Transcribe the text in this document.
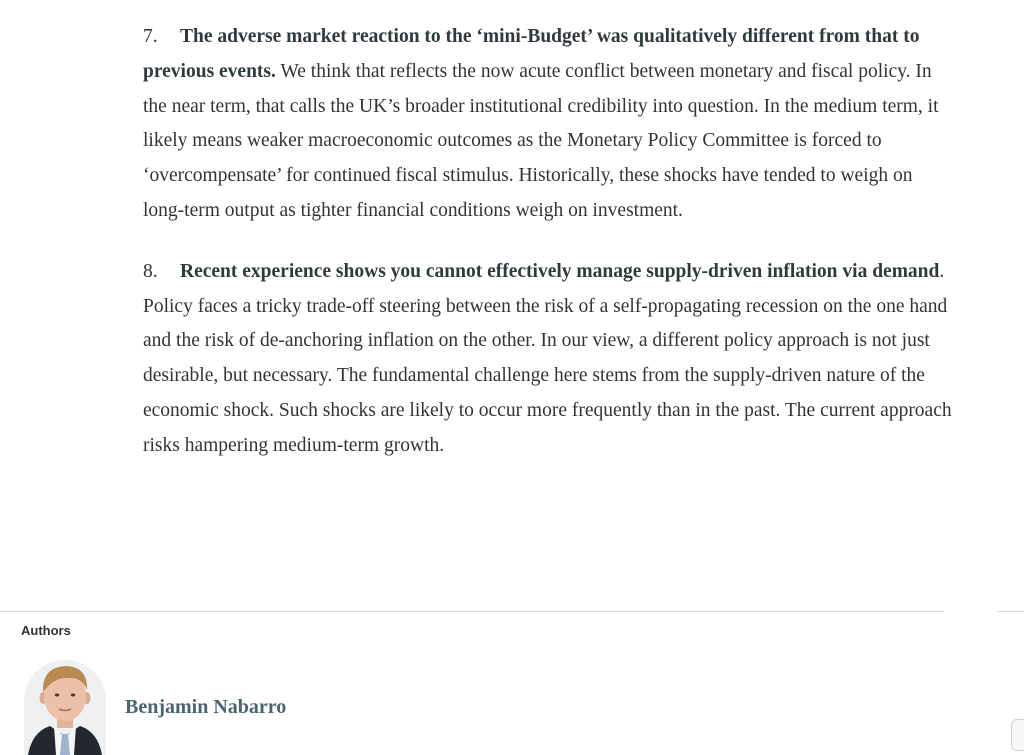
7. The adverse market reaction to the ‘mini-Budget’ was qualitatively different from that to previous events. We think that reflects the now acute conflict between monetary and fiscal policy. In the near term, that calls the UK’s broader institutional credibility into question. In the medium term, it likely means weaker macroeconomic outcomes as the Monetary Policy Committee is forced to ‘overcompensate’ for continued fiscal stimulus. Historically, these shocks have tended to weigh on long-term output as tighter financial conditions weigh on investment.

8. Recent experience shows you cannot effectively manage supply-driven inflation via demand. Policy faces a tricky trade-off steering between the risk of a self-propagating recession on the one hand and the risk of de-anchoring inflation on the other. In our view, a different policy approach is not just desirable, but necessary. The fundamental challenge here stems from the supply-driven nature of the economic shock. Such shocks are likely to occur more frequently than in the past. The current approach risks hampering medium-term growth.

Authors
Benjamin Nabarro
